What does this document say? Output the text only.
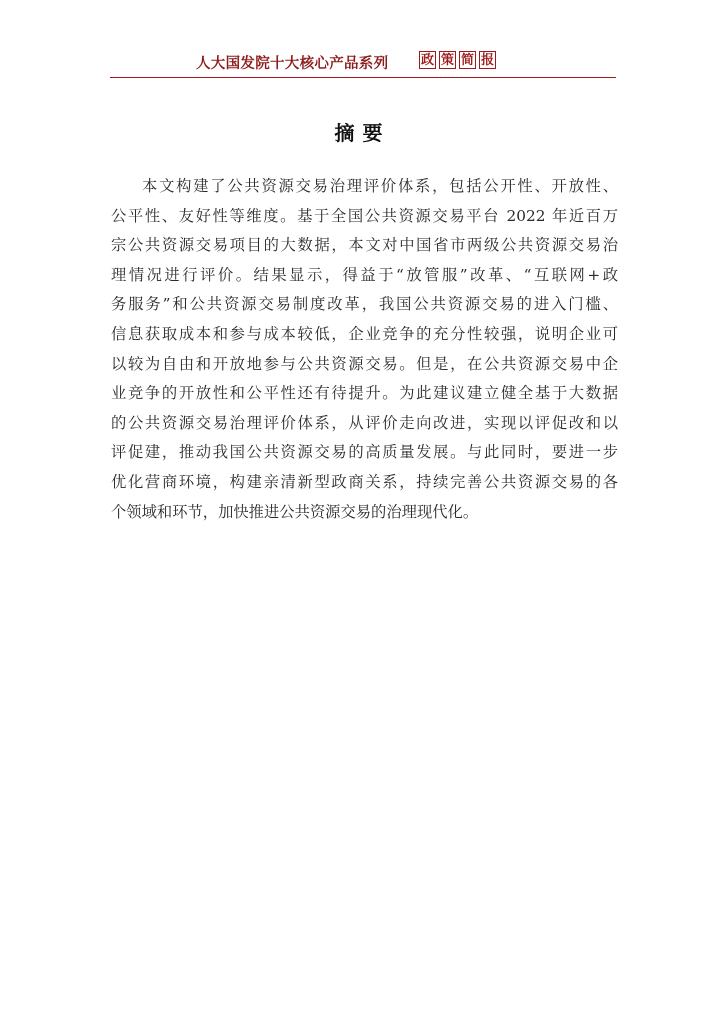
人大国发院十大核心产品系列	政 策 简 报
摘要
本文构建了公共资源交易治理评价体系，包括公开性、开放性、
公平性、友好性等维度。基于全国公共资源交易平台 2022 年近百万
宗公共资源交易项目的大数据，本文对中国省市两级公共资源交易治
理情况进行评价。结果显示，得益于“放管服”改革、“互联网+政
务服务”和公共资源交易制度改革，我国公共资源交易的进入门槛、
信息获取成本和参与成本较低，企业竞争的充分性较强，说明企业可
以较为自由和开放地参与公共资源交易。但是，在公共资源交易中企
业竞争的开放性和公平性还有待提升。为此建议建立健全基于大数据
的公共资源交易治理评价体系，从评价走向改进，实现以评促改和以
评促建，推动我国公共资源交易的高质量发展。与此同时，要进一步
优化营商环境，构建亲清新型政商关系，持续完善公共资源交易的各
个领域和环节，加快推进公共资源交易的治理现代化。
